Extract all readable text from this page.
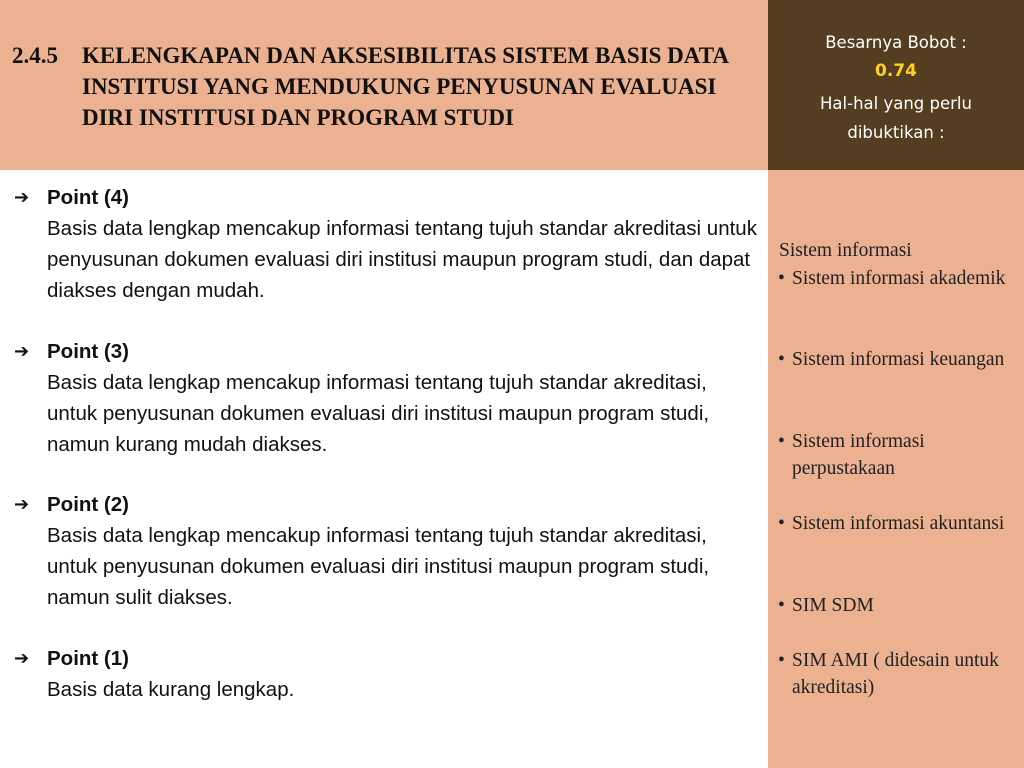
2.4.5 KELENGKAPAN DAN AKSESIBILITAS SISTEM BASIS DATA INSTITUSI YANG MENDUKUNG PENYUSUNAN EVALUASI DIRI INSTITUSI DAN PROGRAM STUDI
Besarnya Bobot :
0.74
Hal-hal yang perlu
dibuktikan :
➔ Point (4)
Basis data lengkap mencakup informasi tentang tujuh standar akreditasi untuk penyusunan dokumen evaluasi diri institusi maupun program studi, dan dapat diakses dengan mudah.
➔ Point (3)
Basis data lengkap mencakup informasi tentang tujuh standar akreditasi, untuk penyusunan dokumen evaluasi diri institusi maupun program studi, namun kurang mudah diakses.
➔ Point (2)
Basis data lengkap mencakup informasi tentang tujuh standar akreditasi, untuk penyusunan dokumen evaluasi diri institusi maupun program studi, namun sulit diakses.
➔ Point (1)
Basis data kurang lengkap.
Sistem informasi
• Sistem informasi akademik
• Sistem informasi keuangan
• Sistem informasi perpustakaan
• Sistem informasi akuntansi
• SIM SDM
• SIM AMI ( didesain untuk akreditasi)
